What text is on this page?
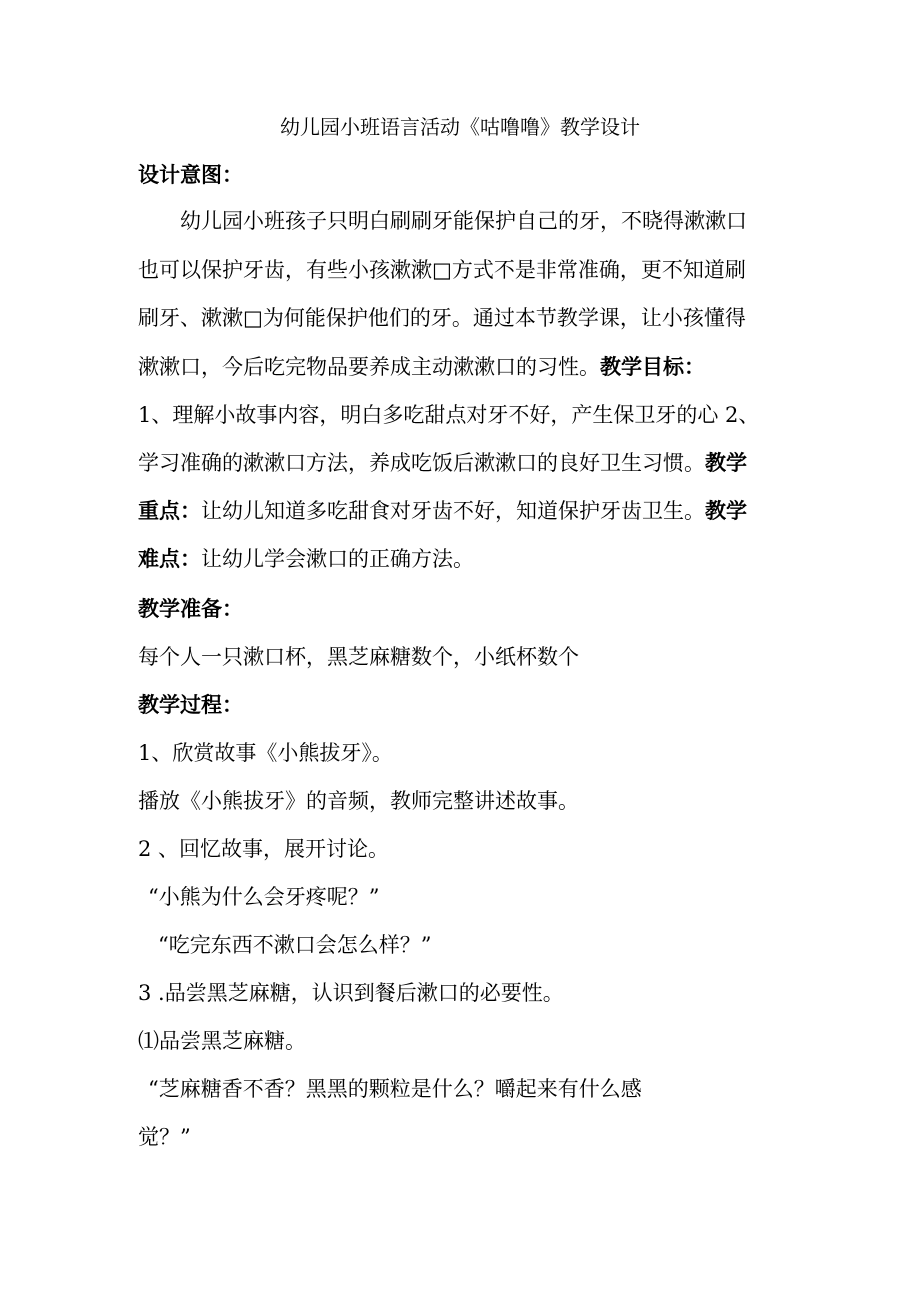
幼儿园小班语言活动《咕噜噜》教学设计
设计意图：
幼儿园小班孩子只明白刷刷牙能保护自己的牙，不晓得漱漱口
也可以保护牙齿，有些小孩漱漱□方式不是非常准确，更不知道刷
刷牙、漱漱□为何能保护他们的牙。通过本节教学课，让小孩懂得
漱漱口，今后吃完物品要养成主动漱漱口的习性。教学目标：
1、理解小故事内容，明白多吃甜点对牙不好，产生保卫牙的心 2、
学习准确的漱漱口方法，养成吃饭后漱漱口的良好卫生习惯。教学
重点：让幼儿知道多吃甜食对牙齿不好，知道保护牙齿卫生。教学
难点：让幼儿学会漱口的正确方法。
教学准备：
每个人一只漱口杯，黑芝麻糖数个，小纸杯数个
教学过程：
1、欣赏故事《小熊拔牙》。
播放《小熊拔牙》的音频，教师完整讲述故事。
2 、回忆故事，展开讨论。
“小熊为什么会牙疼呢？”
“吃完东西不漱口会怎么样？”
3 .品尝黑芝麻糖，认识到餐后漱口的必要性。
⑴品尝黑芝麻糖。
“芝麻糖香不香？黑黑的颗粒是什么？嚼起来有什么感
觉？”
